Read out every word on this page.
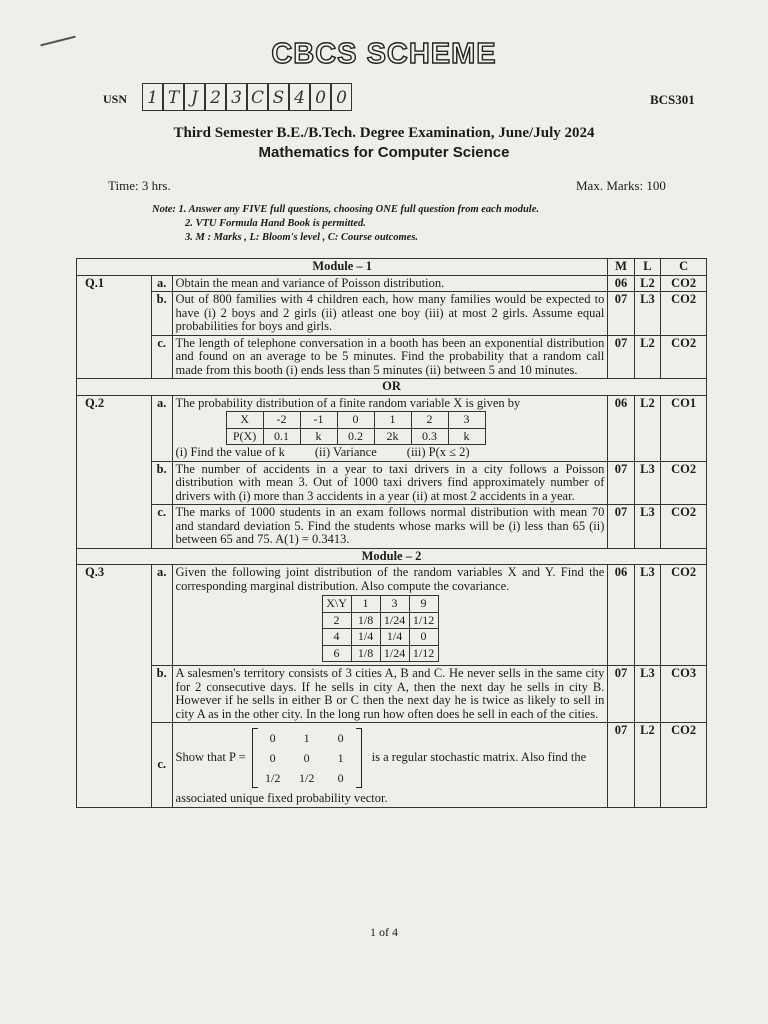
CBCS SCHEME
USN 1 T J 2 3 C S 4 0 0	BCS301
Third Semester B.E./B.Tech. Degree Examination, June/July 2024
Mathematics for Computer Science
Time: 3 hrs.	Max. Marks: 100
Note: 1. Answer any FIVE full questions, choosing ONE full question from each module.
2. VTU Formula Hand Book is permitted.
3. M : Marks , L: Bloom's level , C: Course outcomes.
Module – 1	M	L	C
Q.1	a.	Obtain the mean and variance of Poisson distribution.	06	L2	CO2
b.	Out of 800 families with 4 children each, how many families would be expected to have (i) 2 boys and 2 girls (ii) atleast one boy (iii) at most 2 girls. Assume equal probabilities for boys and girls.	07	L3	CO2
c.	The length of telephone conversation in a booth has been an exponential distribution and found on an average to be 5 minutes. Find the probability that a random call made from this booth (i) ends less than 5 minutes (ii) between 5 and 10 minutes.	07	L2	CO2
OR
Q.2	a.	The probability distribution of a finite random variable X is given by
X	-2	-1	0	1	2	3
P(X)	0.1	k	0.2	2k	0.3	k
(i) Find the value of k (ii) Variance (iii) P(x ≤ 2)
	06	L2	CO1
b.	The number of accidents in a year to taxi drivers in a city follows a Poisson distribution with mean 3. Out of 1000 taxi drivers find approximately number of drivers with (i) more than 3 accidents in a year (ii) at most 2 accidents in a year.	07	L3	CO2
c.	The marks of 1000 students in an exam follows normal distribution with mean 70 and standard deviation 5. Find the students whose marks will be (i) less than 65 (ii) between 65 and 75. A(1) = 0.3413.	07	L3	CO2
Module – 2
Q.3	a.	Given the following joint distribution of the random variables X and Y. Find the corresponding marginal distribution. Also compute the covariance.
X\Y	1	3	9
2	1/8	1/24	1/12
4	1/4	1/4	0
6	1/8	1/24	1/12
	06	L3	CO2
b.	A salesmen's territory consists of 3 cities A, B and C. He never sells in the same city for 2 consecutive days. If he sells in city A, then the next day he sells in city B. However if he sells in either B or C then the next day he is twice as likely to sell in city A as in the other city. In the long run how often does he sell in each of the cities.	07	L3	CO3
c.	Show that P =
0	1	0
0	0	1
1/2	1/2	0
is a regular stochastic matrix. Also find the
associated unique fixed probability vector.
	07	L2	CO2
1 of 4
